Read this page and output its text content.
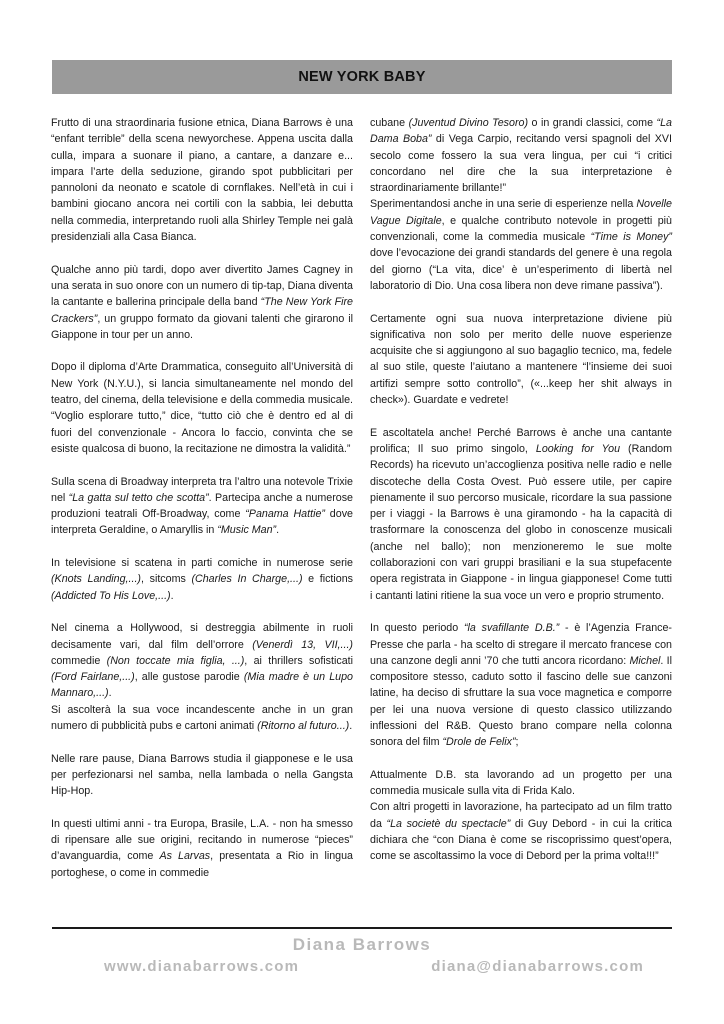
NEW YORK BABY

Frutto di una straordinaria fusione etnica, Diana Barrows è una “enfant terrible” della scena newyorchese. Appena uscita dalla culla, impara a suonare il piano, a cantare, a danzare e... impara l’arte della seduzione, girando spot pubblicitari per pannoloni da neonato e scatole di cornflakes. Nell’età in cui i bambini giocano ancora nei cortili con la sabbia, lei debutta nella commedia, interpretando ruoli alla Shirley Temple nei galà presidenziali alla Casa Bianca.

Qualche anno più tardi, dopo aver divertito James Cagney in una serata in suo onore con un numero di tip-tap, Diana diventa la cantante e ballerina principale della band “The New York Fire Crackers”, un gruppo formato da giovani talenti che girarono il Giappone in tour per un anno.

Dopo il diploma d’Arte Drammatica, conseguito all’Università di New York (N.Y.U.), si lancia simultaneamente nel mondo del teatro, del cinema, della televisione e della commedia musicale. “Voglio esplorare tutto,” dice, “tutto ciò che è dentro ed al di fuori del convenzionale - Ancora lo faccio, convinta che se esiste qualcosa di buono, la recitazione ne dimostra la validità.”

Sulla scena di Broadway interpreta tra l’altro una notevole Trixie nel “La gatta sul tetto che scotta”. Partecipa anche a numerose produzioni teatrali Off-Broadway, come “Panama Hattie” dove interpreta Geraldine, o Amaryllis in “Music Man”.

In televisione si scatena in parti comiche in numerose serie (Knots Landing,...), sitcoms (Charles In Charge,...) e fictions (Addicted To His Love,...).

Nel cinema a Hollywood, si destreggia abilmente in ruoli decisamente vari, dal film dell’orrore (Venerdì 13, VII,...) commedie (Non toccate mia figlia, ...), ai thrillers sofisticati (Ford Fairlane,...), alle gustose parodie (Mia madre è un Lupo Mannaro,...).

Si ascolterà la sua voce incandescente anche in un gran numero di pubblicità pubs e cartoni animati (Ritorno al futuro...).

Nelle rare pause, Diana Barrows studia il giapponese e le usa per perfezionarsi nel samba, nella lambada o nella Gangsta Hip-Hop.

In questi ultimi anni - tra Europa, Brasile, L.A. - non ha smesso di ripensare alle sue origini, recitando in numerose “pieces” d’avanguardia, come As Larvas, presentata a Rio in lingua portoghese, o come in commedie

cubane (Juventud Divino Tesoro) o in grandi classici, come “La Dama Boba” di Vega Carpio, recitando versi spagnoli del XVI secolo come fossero la sua vera lingua, per cui “i critici concordano nel dire che la sua interpretazione è straordinariamente brillante!”

Sperimentandosi anche in una serie di esperienze nella Novelle Vague Digitale, e qualche contributo notevole in progetti più convenzionali, come la commedia musicale “Time is Money” dove l’evocazione dei grandi standards del genere è una regola del giorno (“La vita, dice’ è un’esperimento di libertà nel laboratorio di Dio. Una cosa libera non deve rimane passiva”).

Certamente ogni sua nuova interpretazione diviene più significativa non solo per merito delle nuove esperienze acquisite che si aggiungono al suo bagaglio tecnico, ma, fedele al suo stile, queste l’aiutano a mantenere “l’insieme dei suoi artifizi sempre sotto controllo”, («...keep her shit always in check»). Guardate e vedrete!

E ascoltatela anche! Perché Barrows è anche una cantante prolifica; Il suo primo singolo, Looking for You (Random Records) ha ricevuto un’accoglienza positiva nelle radio e nelle discoteche della Costa Ovest. Può essere utile, per capire pienamente il suo percorso musicale, ricordare la sua passione per i viaggi - la Barrows è una giramondo - ha la capacità di trasformare la conoscenza del globo in conoscenze musicali (anche nel ballo); non menzioneremo le sue molte collaborazioni con vari gruppi brasiliani e la sua stupefacente opera registrata in Giappone - in lingua giapponese! Come tutti i cantanti latini ritiene la sua voce un vero e proprio strumento.

In questo periodo “la svafillante D.B.” - è l’Agenzia France-Presse che parla - ha scelto di stregare il mercato francese con una canzone degli anni ’70 che tutti ancora ricordano: Michel. Il compositore stesso, caduto sotto il fascino delle sue canzoni latine, ha deciso di sfruttare la sua voce magnetica e comporre per lei una nuova versione di questo classico utilizzando inflessioni del R&B. Questo brano compare nella colonna sonora del film “Drole de Felix”;

Attualmente D.B. sta lavorando ad un progetto per una commedia musicale sulla vita di Frida Kalo.

Con altri progetti in lavorazione, ha partecipato ad un film tratto da “La societè du spectacle” di Guy Debord - in cui la critica dichiara che “con Diana è come se riscoprissimo quest’opera, come se ascoltassimo la voce di Debord per la prima volta!!!”

Diana Barrows
www.dianabarrows.com	diana@dianabarrows.com
